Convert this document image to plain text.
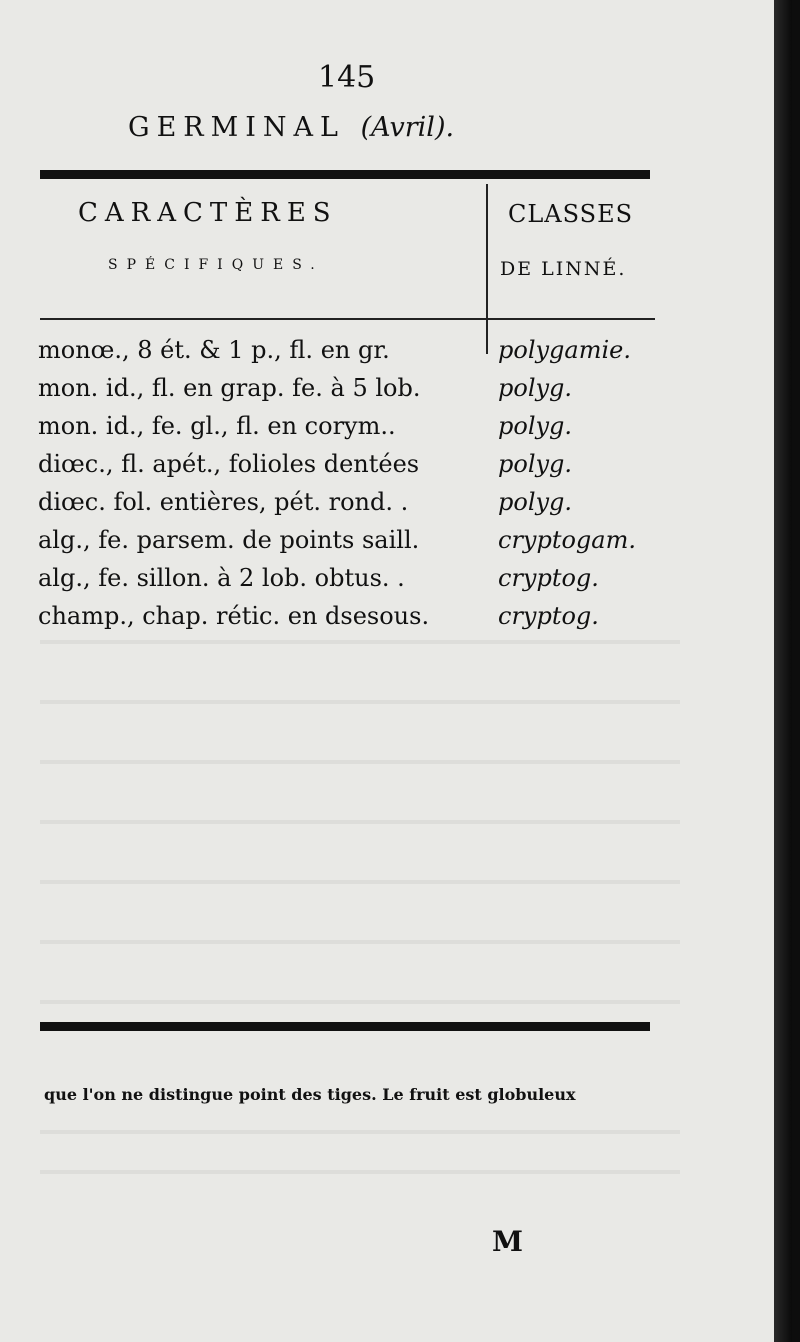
145
GERMINAL (Avril).
CARACTÈRES
SPÉCIFIQUES.
CLASSES
DE LINNÉ.
monœ., 8 ét. & 1 p., fl. en gr.	polygamie.
mon. id., fl. en grap. fe. à 5 lob.	polyg.
mon. id., fe. gl., fl. en corym..	polyg.
diœc., fl. apét., folioles dentées	polyg.
diœc. fol. entières, pét. rond. .	polyg.
alg., fe. parsem. de points saill.	cryptogam.
alg., fe. sillon. à 2 lob. obtus. .	cryptog.
champ., chap. rétic. en dsesous.	cryptog.
que l'on ne distingue point des tiges. Le fruit est globuleux
M
